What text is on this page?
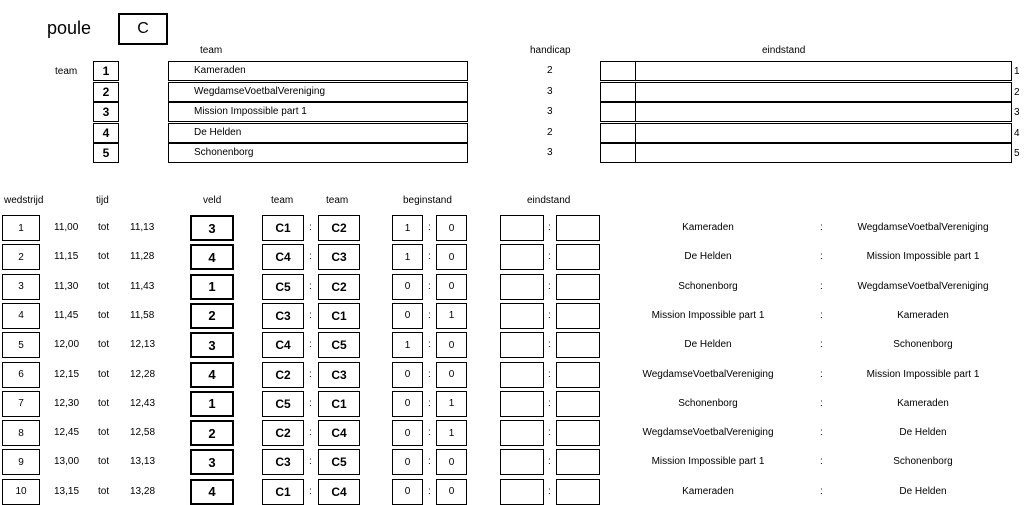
poule	C
team	handicap	eindstand
team 1	Kameraden	2	1
2	WegdamseVoetbalVereniging	3	2
3	Mission Impossible part 1	3	3
4	De Helden	2	4
5	Schonenborg	3	5
wedstrijd	tijd	veld	team	team	beginstand	eindstand
1	11,00 tot 11,13	3	C1	:	C2	1	:	0	:	Kameraden	:	WegdamseVoetbalVereniging
2	11,15 tot 11,28	4	C4	:	C3	1	:	0	:	De Helden	:	Mission Impossible part 1
3	11,30 tot 11,43	1	C5	:	C2	0	:	0	:	Schonenborg	:	WegdamseVoetbalVereniging
4	11,45 tot 11,58	2	C3	:	C1	0	:	1	:	Mission Impossible part 1	:	Kameraden
5	12,00 tot 12,13	3	C4	:	C5	1	:	0	:	De Helden	:	Schonenborg
6	12,15 tot 12,28	4	C2	:	C3	0	:	0	:	WegdamseVoetbalVereniging	:	Mission Impossible part 1
7	12,30 tot 12,43	1	C5	:	C1	0	:	1	:	Schonenborg	:	Kameraden
8	12,45 tot 12,58	2	C2	:	C4	0	:	1	:	WegdamseVoetbalVereniging	:	De Helden
9	13,00 tot 13,13	3	C3	:	C5	0	:	0	:	Mission Impossible part 1	:	Schonenborg
10	13,15 tot 13,28	4	C1	:	C4	0	:	0	:	Kameraden	:	De Helden
